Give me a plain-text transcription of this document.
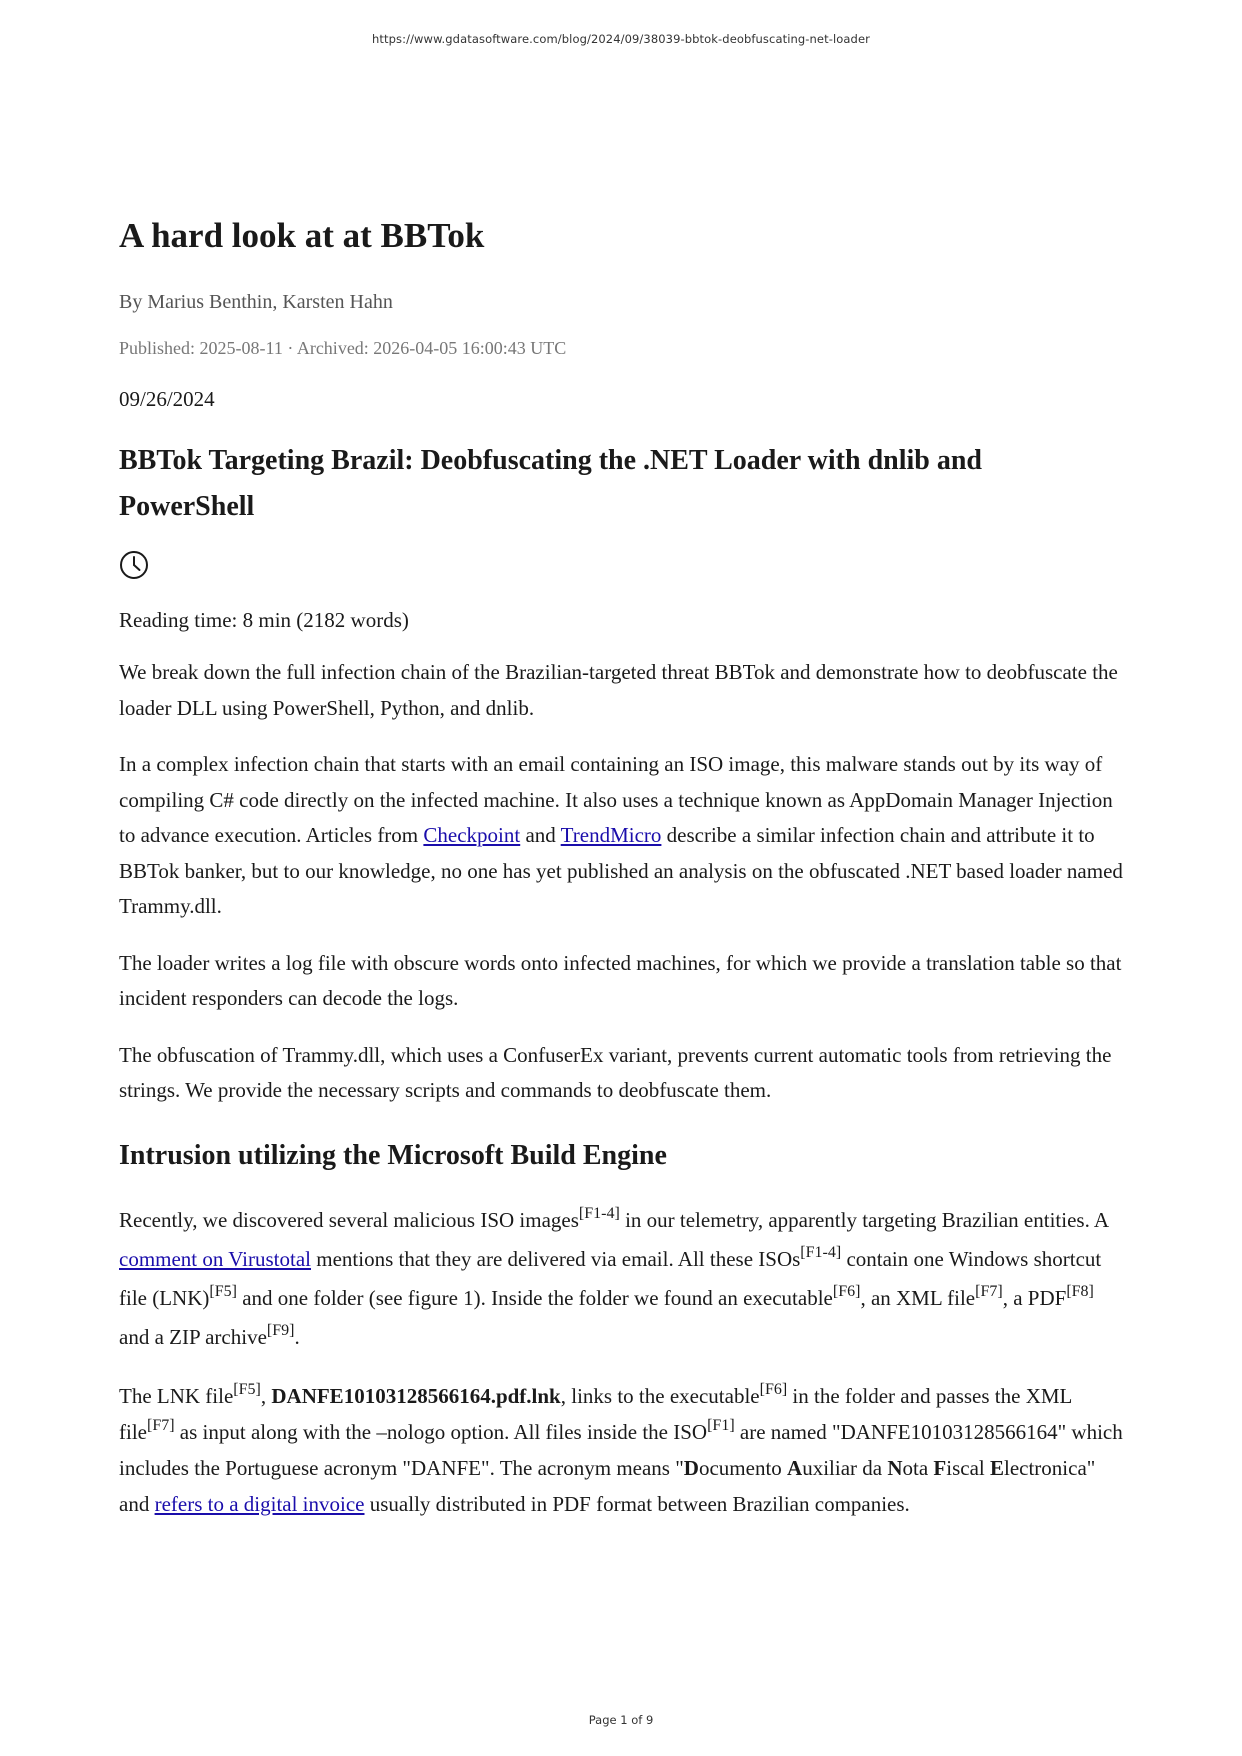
https://www.gdatasoftware.com/blog/2024/09/38039-bbtok-deobfuscating-net-loader
A hard look at at BBTok
By Marius Benthin, Karsten Hahn
Published: 2025-08-11 · Archived: 2026-04-05 16:00:43 UTC
09/26/2024
BBTok Targeting Brazil: Deobfuscating the .NET Loader with dnlib and PowerShell
Reading time: 8 min (2182 words)

We break down the full infection chain of the Brazilian-targeted threat BBTok and demonstrate how to deobfuscate the loader DLL using PowerShell, Python, and dnlib.

In a complex infection chain that starts with an email containing an ISO image, this malware stands out by its way of compiling C# code directly on the infected machine. It also uses a technique known as AppDomain Manager Injection to advance execution. Articles from Checkpoint and TrendMicro describe a similar infection chain and attribute it to BBTok banker, but to our knowledge, no one has yet published an analysis on the obfuscated .NET based loader named Trammy.dll.

The loader writes a log file with obscure words onto infected machines, for which we provide a translation table so that incident responders can decode the logs.

The obfuscation of Trammy.dll, which uses a ConfuserEx variant, prevents current automatic tools from retrieving the strings. We provide the necessary scripts and commands to deobfuscate them.

Intrusion utilizing the Microsoft Build Engine

Recently, we discovered several malicious ISO images[F1-4] in our telemetry, apparently targeting Brazilian entities. A comment on Virustotal mentions that they are delivered via email. All these ISOs[F1-4] contain one Windows shortcut file (LNK)[F5] and one folder (see figure 1). Inside the folder we found an executable[F6], an XML file[F7], a PDF[F8] and a ZIP archive[F9].

The LNK file[F5], DANFE10103128566164.pdf.lnk, links to the executable[F6] in the folder and passes the XML file[F7] as input along with the –nologo option. All files inside the ISO[F1] are named "DANFE10103128566164" which includes the Portuguese acronym "DANFE". The acronym means "Documento Auxiliar da Nota Fiscal Electronica" and refers to a digital invoice usually distributed in PDF format between Brazilian companies.

Page 1 of 9
